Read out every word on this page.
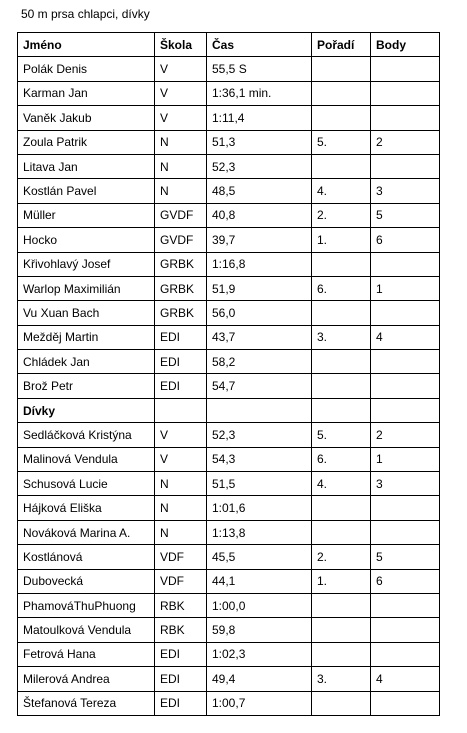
50 m prsa chlapci, dívky
Jméno	Škola	Čas	Pořadí	Body
Polák Denis	V	55,5 S		
Karman Jan	V	1:36,1 min.		
Vaněk Jakub	V	1:11,4		
Zoula Patrik	N	51,3	5.	2
Litava Jan	N	52,3		
Kostlán Pavel	N	48,5	4.	3
Müller	GVDF	40,8	2.	5
Hocko	GVDF	39,7	1.	6
Křivohlavý Josef	GRBK	1:16,8		
Warlop Maximilián	GRBK	51,9	6.	1
Vu Xuan Bach	GRBK	56,0		
Mežděj Martin	EDI	43,7	3.	4
Chládek Jan	EDI	58,2		
Brož Petr	EDI	54,7		
Dívky				
Sedláčková Kristýna	V	52,3	5.	2
Malinová Vendula	V	54,3	6.	1
Schusová Lucie	N	51,5	4.	3
Hájková Eliška	N	1:01,6		
Nováková Marina A.	N	1:13,8		
Kostlánová	VDF	45,5	2.	5
Dubovecká	VDF	44,1	1.	6
PhamováThuPhuong	RBK	1:00,0		
Matoulková Vendula	RBK	59,8		
Fetrová Hana	EDI	1:02,3		
Milerová Andrea	EDI	49,4	3.	4
Štefanová Tereza	EDI	1:00,7		
